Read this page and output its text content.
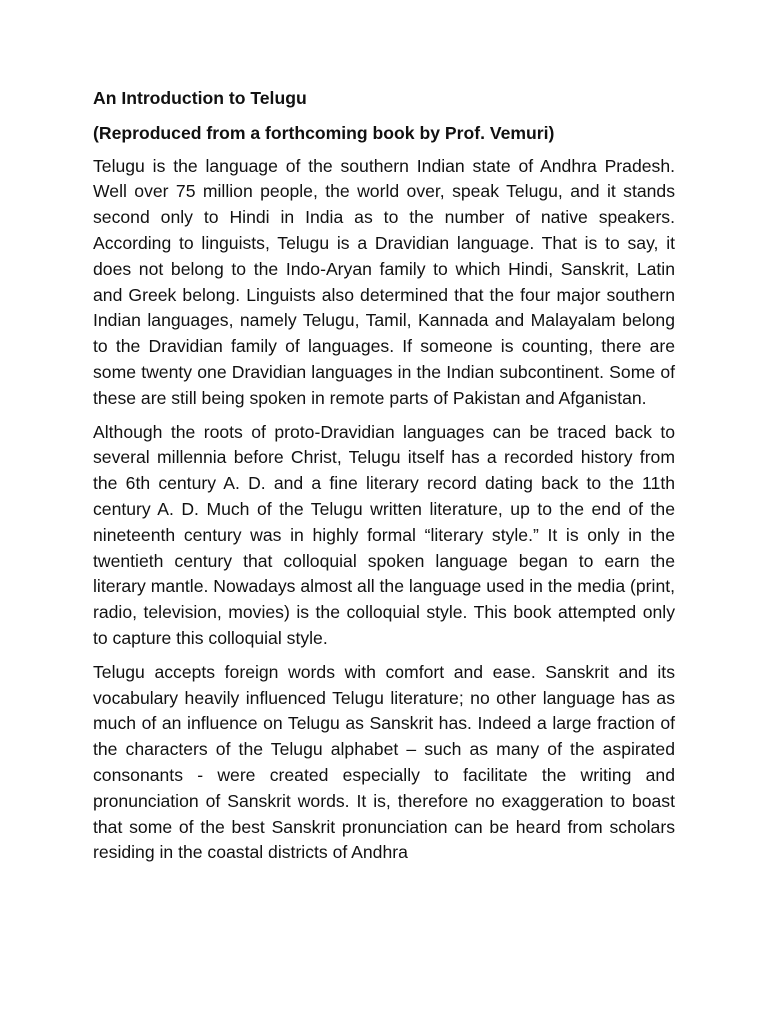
An Introduction to Telugu

(Reproduced from a forthcoming book by Prof. Vemuri)

Telugu is the language of the southern Indian state of Andhra Pradesh. Well over 75 million people, the world over, speak Telugu, and it stands second only to Hindi in India as to the number of native speakers. According to linguists, Telugu is a Dravidian language. That is to say, it does not belong to the Indo-Aryan family to which Hindi, Sanskrit, Latin and Greek belong. Linguists also determined that the four major southern Indian languages, namely Telugu, Tamil, Kannada and Malayalam belong to the Dravidian family of languages. If someone is counting, there are some twenty one Dravidian languages in the Indian subcontinent. Some of these are still being spoken in remote parts of Pakistan and Afganistan.

Although the roots of proto-Dravidian languages can be traced back to several millennia before Christ, Telugu itself has a recorded history from the 6th century A. D. and a fine literary record dating back to the 11th century A. D. Much of the Telugu written literature, up to the end of the nineteenth century was in highly formal “literary style.” It is only in the twentieth century that colloquial spoken language began to earn the literary mantle. Nowadays almost all the language used in the media (print, radio, television, movies) is the colloquial style. This book attempted only to capture this colloquial style.

Telugu accepts foreign words with comfort and ease. Sanskrit and its vocabulary heavily influenced Telugu literature; no other language has as much of an influence on Telugu as Sanskrit has. Indeed a large fraction of the characters of the Telugu alphabet – such as many of the aspirated consonants - were created especially to facilitate the writing and pronunciation of Sanskrit words. It is, therefore no exaggeration to boast that some of the best Sanskrit pronunciation can be heard from scholars residing in the coastal districts of Andhra
